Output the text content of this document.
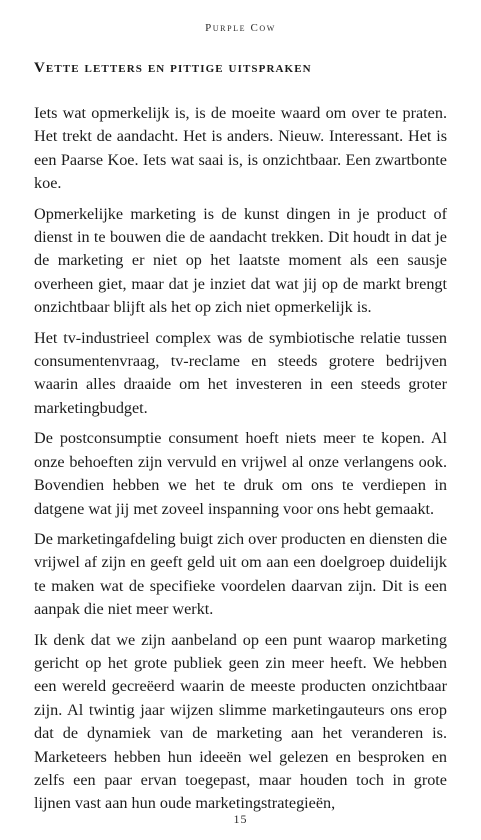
Purple Cow
Vette letters en pittige uitspraken

Iets wat opmerkelijk is, is de moeite waard om over te praten. Het trekt de aandacht. Het is anders. Nieuw. Interessant. Het is een Paarse Koe. Iets wat saai is, is onzichtbaar. Een zwartbonte koe.

Opmerkelijke marketing is de kunst dingen in je product of dienst in te bouwen die de aandacht trekken. Dit houdt in dat je de marketing er niet op het laatste moment als een sausje overheen giet, maar dat je inziet dat wat jij op de markt brengt onzichtbaar blijft als het op zich niet opmerkelijk is.

Het tv-industrieel complex was de symbiotische relatie tussen consumentenvraag, tv-reclame en steeds grotere bedrijven waarin alles draaide om het investeren in een steeds groter marketingbudget.

De postconsumptie consument hoeft niets meer te kopen. Al onze behoeften zijn vervuld en vrijwel al onze verlangens ook. Bovendien hebben we het te druk om ons te verdiepen in datgene wat jij met zoveel inspanning voor ons hebt gemaakt.

De marketingafdeling buigt zich over producten en diensten die vrijwel af zijn en geeft geld uit om aan een doelgroep duidelijk te maken wat de specifieke voordelen daarvan zijn. Dit is een aanpak die niet meer werkt.

Ik denk dat we zijn aanbeland op een punt waarop marketing gericht op het grote publiek geen zin meer heeft. We hebben een wereld gecreëerd waarin de meeste producten onzichtbaar zijn. Al twintig jaar wijzen slimme marketingauteurs ons erop dat de dynamiek van de marketing aan het veranderen is. Marketeers hebben hun ideeën wel gelezen en besproken en zelfs een paar ervan toegepast, maar houden toch in grote lijnen vast aan hun oude marketingstrategieën,

15
